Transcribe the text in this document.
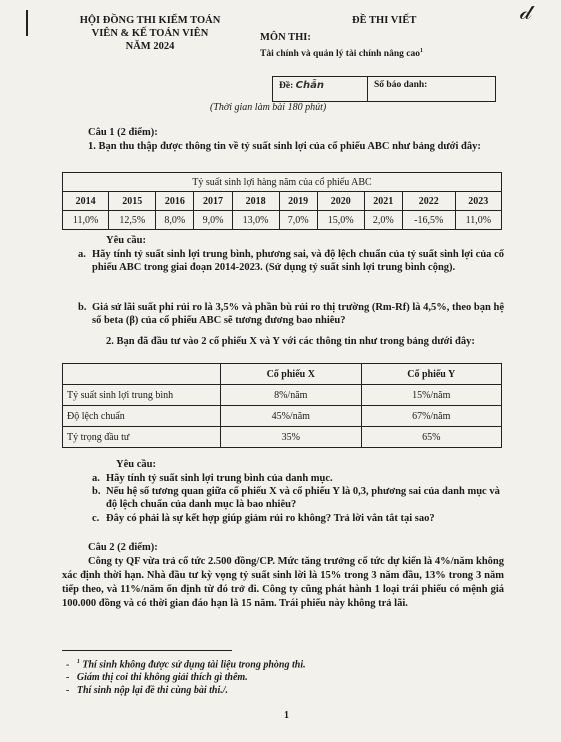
𝒹
HỘI ĐỒNG THI KIỂM TOÁN
VIÊN & KẾ TOÁN VIÊN
NĂM 2024
ĐỀ THI VIẾT
MÔN THI:
Tài chính và quản lý tài chính nâng cao$^1$
Đề: Chẵn	Số báo danh:
(Thời gian làm bài 180 phút)
Câu 1 (2 điểm):
1. Bạn thu thập được thông tin về tỷ suất sinh lợi của cổ phiếu ABC như bảng dưới đây:
Tỷ suất sinh lợi hàng năm của cổ phiếu ABC									
2014	2015	2016	2017	2018	2019	2020	2021	2022	2023
11,0%	12,5%	8,0%	9,0%	13,0%	7,0%	15,0%	2,0%	-16,5%	11,0%
Yêu cầu:
a. Hãy tính tỷ suất sinh lợi trung bình, phương sai, và độ lệch chuẩn của tỷ suất sinh lợi của cổ phiếu ABC trong giai đoạn 2014-2023. (Sử dụng tỷ suất sinh lợi trung bình cộng).
b. Giả sử lãi suất phi rủi ro là 3,5% và phần bù rủi ro thị trường (Rm-Rf) là 4,5%, theo bạn hệ số beta (β) của cổ phiếu ABC sẽ tương đương bao nhiêu?
2. Bạn đã đầu tư vào 2 cổ phiếu X và Y với các thông tin như trong bảng dưới đây:
	Cổ phiếu X	Cổ phiếu Y
Tỷ suất sinh lợi trung bình	8%/năm	15%/năm
Độ lệch chuẩn	45%/năm	67%/năm
Tỷ trọng đầu tư	35%	65%
Yêu cầu:
a. Hãy tính tỷ suất sinh lợi trung bình của danh mục.
b. Nếu hệ số tương quan giữa cổ phiếu X và cổ phiếu Y là 0,3, phương sai của danh mục và độ lệch chuẩn của danh mục là bao nhiêu?
c. Đây có phải là sự kết hợp giúp giảm rủi ro không? Trả lời vắn tắt tại sao?
Câu 2 (2 điểm):
Công ty QF vừa trả cổ tức 2.500 đồng/CP. Mức tăng trưởng cổ tức dự kiến là 4%/năm không xác định thời hạn. Nhà đầu tư kỳ vọng tỷ suất sinh lời là 15% trong 3 năm đầu, 13% trong 3 năm tiếp theo, và 11%/năm ổn định từ đó trở đi. Công ty cũng phát hành 1 loại trái phiếu có mệnh giá 100.000 đồng và có thời gian đáo hạn là 15 năm. Trái phiếu này không trả lãi.
-   $^1$ Thí sinh không được sử dụng tài liệu trong phòng thi.
-   Giám thị coi thi không giải thích gì thêm.
-   Thí sinh nộp lại đề thi cùng bài thi./.
1
